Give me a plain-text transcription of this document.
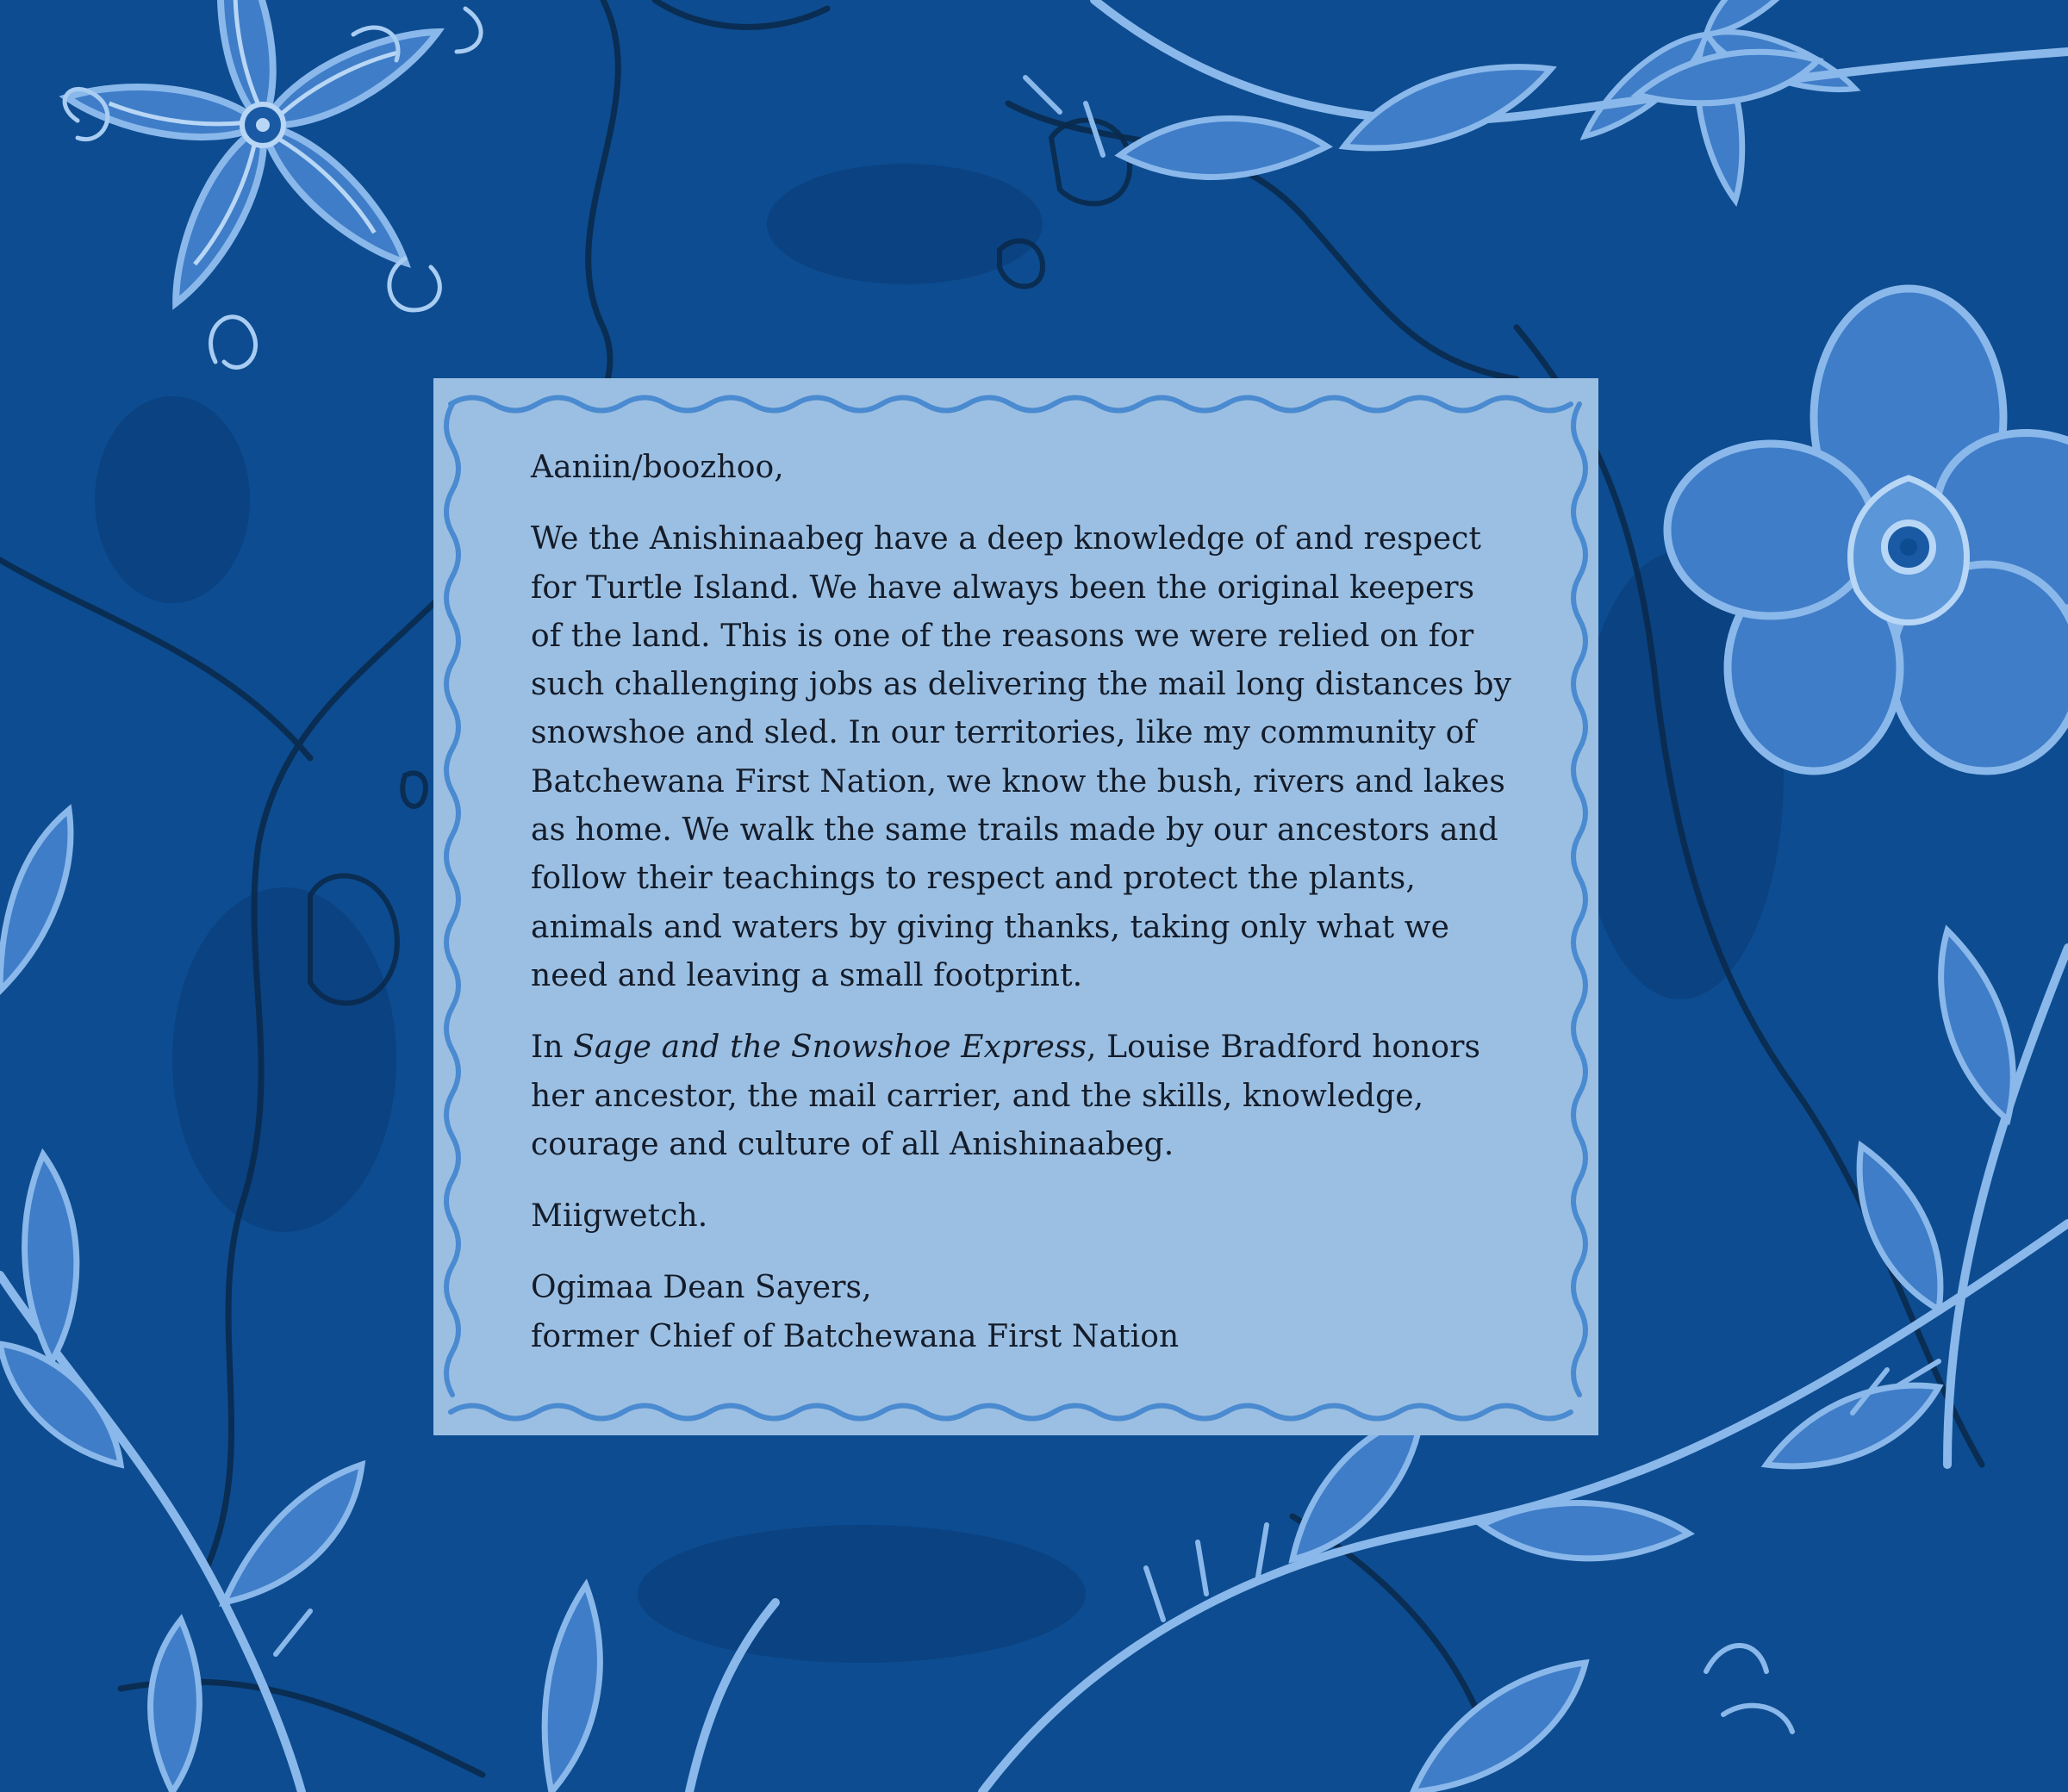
Aaniin/boozhoo,

We the Anishinaabeg have a deep knowledge of and respect for Turtle Island. We have always been the original keepers of the land. This is one of the reasons we were relied on for such challenging jobs as delivering the mail long distances by snowshoe and sled. In our territories, like my community of Batchewana First Nation, we know the bush, rivers and lakes as home. We walk the same trails made by our ancestors and follow their teachings to respect and protect the plants, animals and waters by giving thanks, taking only what we need and leaving a small footprint.

In Sage and the Snowshoe Express, Louise Bradford honors her ancestor, the mail carrier, and the skills, knowledge, courage and culture of all Anishinaabeg.

Miigwetch.

Ogimaa Dean Sayers,
former Chief of Batchewana First Nation
